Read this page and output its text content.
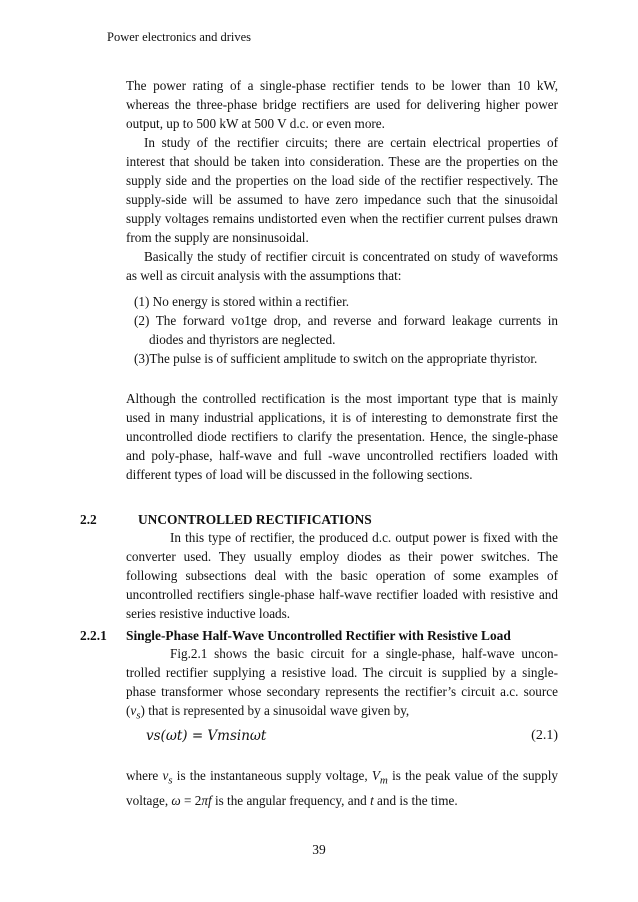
Power electronics and drives

The power rating of a single-phase rectifier tends to be lower than 10 kW, whereas the three-phase bridge rectifiers are used for delivering higher power output, up to 500 kW at 500 V d.c. or even more.

In study of the rectifier circuits; there are certain electrical properties of interest that should be taken into consideration. These are the properties on the supply side and the properties on the load side of the rectifier respectively. The supply-side will be assumed to have zero impedance such that the sinusoidal supply voltages remains undistorted even when the rectifier current pulses drawn from the supply are nonsinusoidal.

Basically the study of rectifier circuit is concentrated on study of waveforms as well as circuit analysis with the assumptions that:

(1) No energy is stored within a rectifier.
(2) The forward vo1tge drop, and reverse and forward leakage currents in diodes and thyristors are neglected.
(3)The pulse is of sufficient amplitude to switch on the appropriate thyristor.

Although the controlled rectification is the most important type that is mainly used in many industrial applications, it is of interesting to demonstrate first the uncontrolled diode rectifiers to clarify the presentation. Hence, the single-phase and poly-phase, half-wave and full -wave uncontrolled rectifiers loaded with different types of load will be discussed in the following sections.

2.2	UNCONTROLLED RECTIFICATIONS

In this type of rectifier, the produced d.c. output power is fixed with the converter used. They usually employ diodes as their power switches. The following subsections deal with the basic operation of some examples of uncontrolled rectifiers single-phase half-wave rectifier loaded with resistive and series resistive inductive loads.

2.2.1 Single-Phase Half-Wave Uncontrolled Rectifier with Resistive Load

Fig.2.1 shows the basic circuit for a single-phase, half-wave uncon-trolled rectifier supplying a resistive load. The circuit is supplied by a single-phase transformer whose secondary represents the rectifier’s circuit a.c. source $(v_s)$ that is represented by a sinusoidal wave given by,

𝑣𝑠(𝜔𝑡) = 𝑉𝑚𝑠𝑖𝑛𝜔𝑡	(2.1)

where $v_s$ is the instantaneous supply voltage, $V_m$ is the peak value of the supply voltage, ω = 2πf is the angular frequency, and t and is the time.

39
